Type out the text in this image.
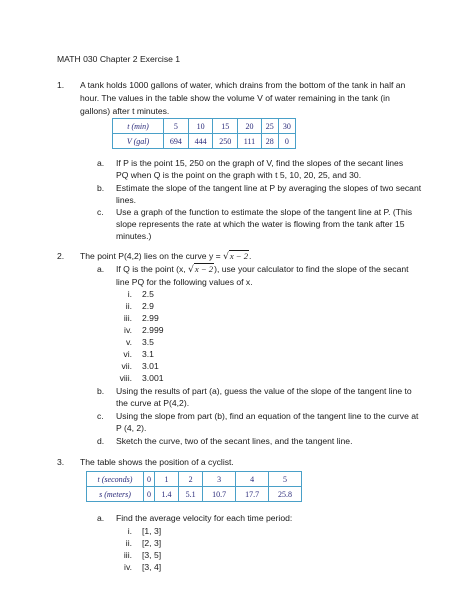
MATH 030 Chapter 2 Exercise 1
1.	A tank holds 1000 gallons of water, which drains from the bottom of the tank in half an
hour. The values in the table show the volume V of water remaining in the tank (in
gallons) after t minutes.
t (min)	5	10	15	20	25	30
V (gal)	694	444	250	111	28	0
a. If P is the point 15, 250 on the graph of V, find the slopes of the secant lines
PQ when Q is the point on the graph with t 5, 10, 20, 25, and 30.
b. Estimate the slope of the tangent line at P by averaging the slopes of two secant
lines.
c. Use a graph of the function to estimate the slope of the tangent line at P. (This
slope represents the rate at which the water is flowing from the tank after 15
minutes.)
2.	The point P(4,2) lies on the curve y = √x − 2.
a. If Q is the point (x, √x − 2), use your calculator to find the slope of the secant
line PQ for the following values of x.
i. 2.5
ii. 2.9
iii. 2.99
iv. 2.999
v. 3.5
vi. 3.1
vii. 3.01
viii. 3.001
b. Using the results of part (a), guess the value of the slope of the tangent line to
the curve at P(4,2).
c. Using the slope from part (b), find an equation of the tangent line to the curve at
P (4, 2).
d. Sketch the curve, two of the secant lines, and the tangent line.
3.	The table shows the position of a cyclist.
t (seconds)	0	1	2	3	4	5
s (meters)	0	1.4	5.1	10.7	17.7	25.8
a. Find the average velocity for each time period:
i. [1, 3]
ii. [2, 3]
iii. [3, 5]
iv. [3, 4]
